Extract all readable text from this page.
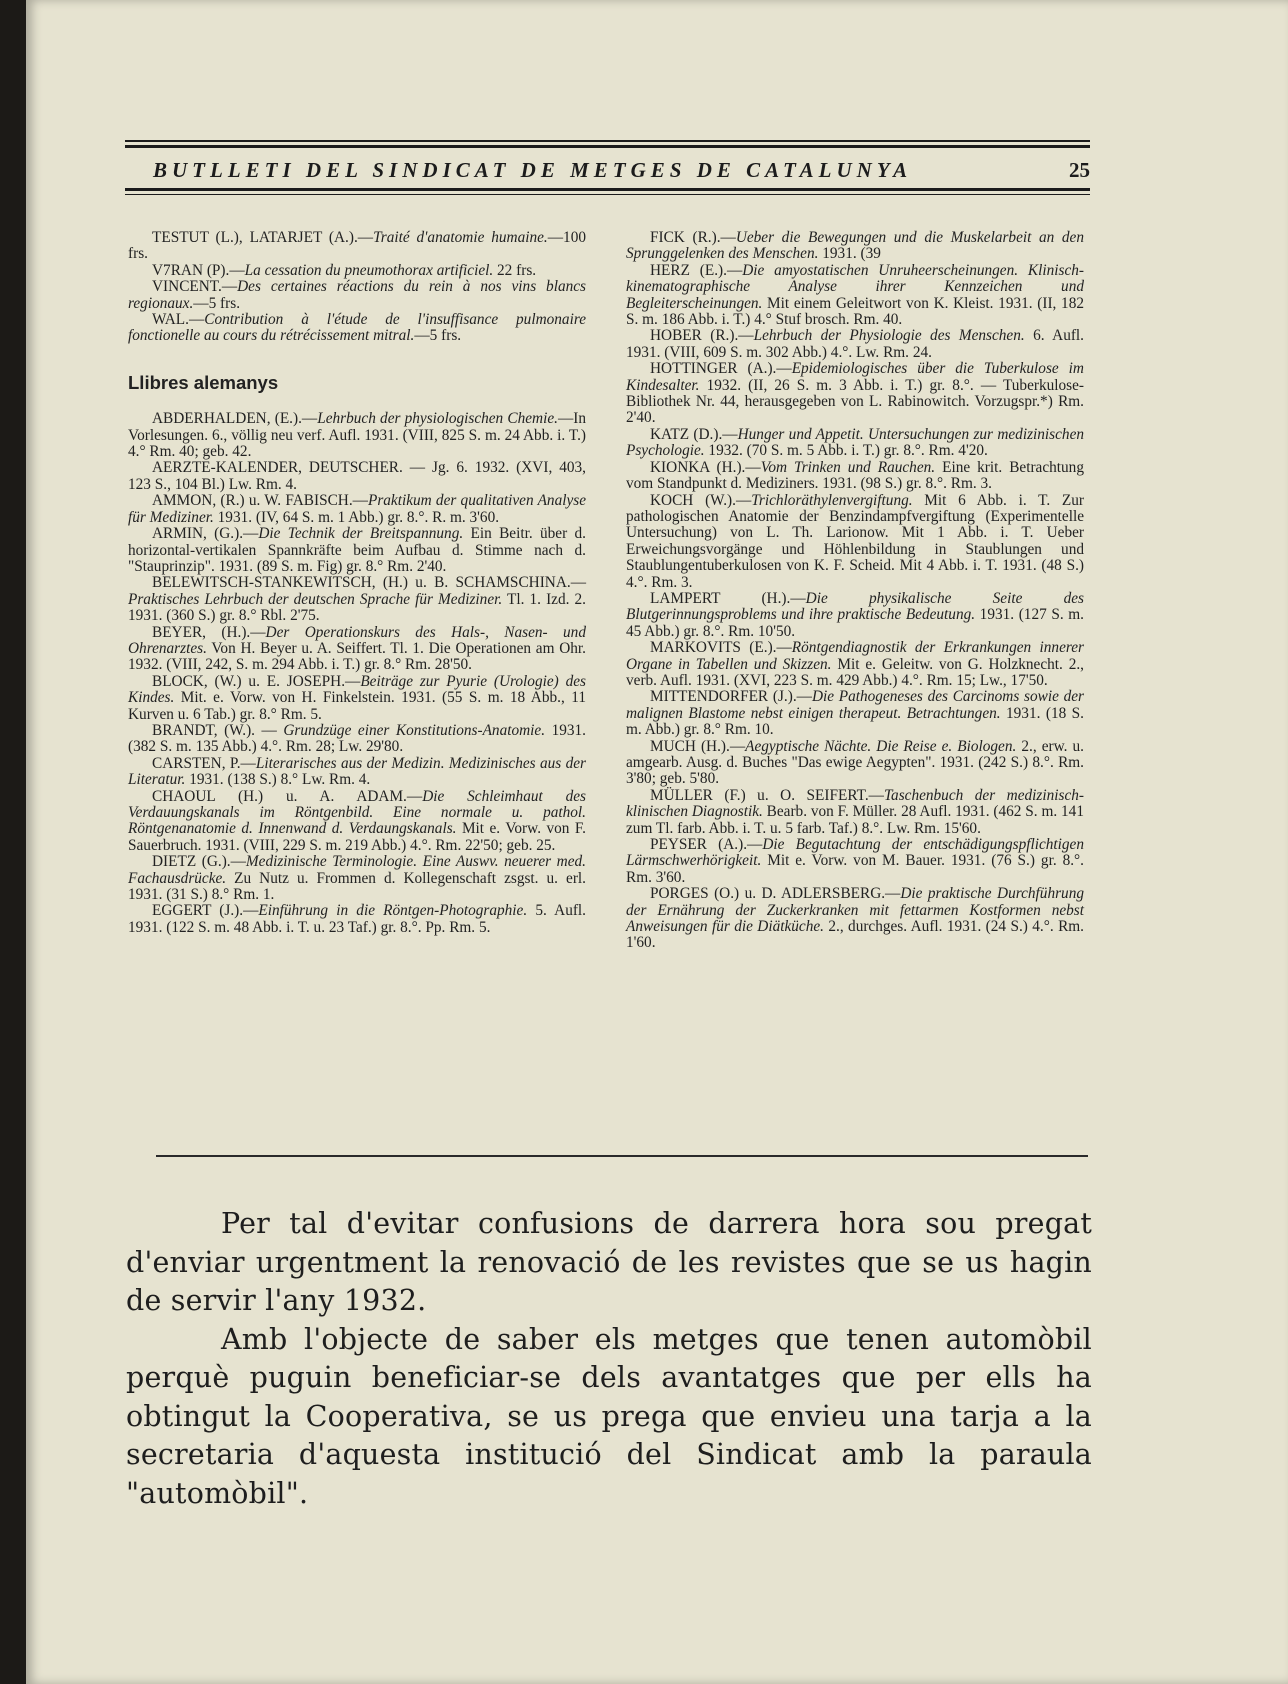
BUTLLETI DEL SINDICAT DE METGES DE CATALUNYA	25

TESTUT (L.), LATARJET (A.).—Traité d'anatomie humaine.—100 frs.

V7RAN (P).—La cessation du pneumothorax artificiel. 22 frs.

VINCENT.—Des certaines réactions du rein à nos vins blancs regionaux.—5 frs.

WAL.—Contribution à l'étude de l'insuffisance pulmonaire fonctionelle au cours du rétrécissement mitral.—5 frs.

Llibres alemanys

ABDERHALDEN, (E.).—Lehrbuch der physiologischen Chemie.—In Vorlesungen. 6., völlig neu verf. Aufl. 1931. (VIII, 825 S. m. 24 Abb. i. T.) 4.° Rm. 40; geb. 42.

AERZTE-KALENDER, DEUTSCHER. — Jg. 6. 1932. (XVI, 403, 123 S., 104 Bl.) Lw. Rm. 4.

AMMON, (R.) u. W. FABISCH.—Praktikum der qualitativen Analyse für Mediziner. 1931. (IV, 64 S. m. 1 Abb.) gr. 8.°. R. m. 3'60.

ARMIN, (G.).—Die Technik der Breitspannung. Ein Beitr. über d. horizontal-vertikalen Spannkräfte beim Aufbau d. Stimme nach d. "Stauprinzip". 1931. (89 S. m. Fig) gr. 8.° Rm. 2'40.

BELEWITSCH-STANKEWITSCH, (H.) u. B. SCHAMSCHINA.—Praktisches Lehrbuch der deutschen Sprache für Mediziner. Tl. 1. Izd. 2. 1931. (360 S.) gr. 8.° Rbl. 2'75.

BEYER, (H.).—Der Operationskurs des Hals-, Nasen- und Ohrenarztes. Von H. Beyer u. A. Seiffert. Tl. 1. Die Operationen am Ohr. 1932. (VIII, 242, S. m. 294 Abb. i. T.) gr. 8.° Rm. 28'50.

BLOCK, (W.) u. E. JOSEPH.—Beiträge zur Pyurie (Urologie) des Kindes. Mit. e. Vorw. von H. Finkelstein. 1931. (55 S. m. 18 Abb., 11 Kurven u. 6 Tab.) gr. 8.° Rm. 5.

BRANDT, (W.). — Grundzüge einer Konstitutions-Anatomie. 1931. (382 S. m. 135 Abb.) 4.°. Rm. 28; Lw. 29'80.

CARSTEN, P.—Literarisches aus der Medizin. Medizinisches aus der Literatur. 1931. (138 S.) 8.° Lw. Rm. 4.

CHAOUL (H.) u. A. ADAM.—Die Schleimhaut des Verdauungskanals im Röntgenbild. Eine normale u. pathol. Röntgenanatomie d. Innenwand d. Verdaungskanals. Mit e. Vorw. von F. Sauerbruch. 1931. (VIII, 229 S. m. 219 Abb.) 4.°. Rm. 22'50; geb. 25.

DIETZ (G.).—Medizinische Terminologie. Eine Auswv. neuerer med. Fachausdrücke. Zu Nutz u. Frommen d. Kollegenschaft zsgst. u. erl. 1931. (31 S.) 8.° Rm. 1.

EGGERT (J.).—Einführung in die Röntgen-Photographie. 5. Aufl. 1931. (122 S. m. 48 Abb. i. T. u. 23 Taf.) gr. 8.°. Pp. Rm. 5.

FICK (R.).—Ueber die Bewegungen und die Muskelarbeit an den Sprunggelenken des Menschen. 1931. (39

HERZ (E.).—Die amyostatischen Unruheerscheinungen. Klinisch-kinematographische Analyse ihrer Kennzeichen und Begleiterscheinungen. Mit einem Geleitwort von K. Kleist. 1931. (II, 182 S. m. 186 Abb. i. T.) 4.° Stuf brosch. Rm. 40.

HOBER (R.).—Lehrbuch der Physiologie des Menschen. 6. Aufl. 1931. (VIII, 609 S. m. 302 Abb.) 4.°. Lw. Rm. 24.

HOTTINGER (A.).—Epidemiologisches über die Tuberkulose im Kindesalter. 1932. (II, 26 S. m. 3 Abb. i. T.) gr. 8.°. — Tuberkulose-Bibliothek Nr. 44, herausgegeben von L. Rabinowitch. Vorzugspr.*) Rm. 2'40.

KATZ (D.).—Hunger und Appetit. Untersuchungen zur medizinischen Psychologie. 1932. (70 S. m. 5 Abb. i. T.) gr. 8.°. Rm. 4'20.

KIONKA (H.).—Vom Trinken und Rauchen. Eine krit. Betrachtung vom Standpunkt d. Mediziners. 1931. (98 S.) gr. 8.°. Rm. 3.

KOCH (W.).—Trichloräthylenvergiftung. Mit 6 Abb. i. T. Zur pathologischen Anatomie der Benzindampfvergiftung (Experimentelle Untersuchung) von L. Th. Larionow. Mit 1 Abb. i. T. Ueber Erweichungsvorgänge und Höhlenbildung in Staublungen und Staublungentuberkulosen von K. F. Scheid. Mit 4 Abb. i. T. 1931. (48 S.) 4.°. Rm. 3.

LAMPERT (H.).—Die physikalische Seite des Blutgerinnungsproblems und ihre praktische Bedeutung. 1931. (127 S. m. 45 Abb.) gr. 8.°. Rm. 10'50.

MARKOVITS (E.).—Röntgendiagnostik der Erkrankungen innerer Organe in Tabellen und Skizzen. Mit e. Geleitw. von G. Holzknecht. 2., verb. Aufl. 1931. (XVI, 223 S. m. 429 Abb.) 4.°. Rm. 15; Lw., 17'50.

MITTENDORFER (J.).—Die Pathogeneses des Carcinoms sowie der malignen Blastome nebst einigen therapeut. Betrachtungen. 1931. (18 S. m. Abb.) gr. 8.° Rm. 10.

MUCH (H.).—Aegyptische Nächte. Die Reise e. Biologen. 2., erw. u. amgearb. Ausg. d. Buches "Das ewige Aegypten". 1931. (242 S.) 8.°. Rm. 3'80; geb. 5'80.

MÜLLER (F.) u. O. SEIFERT.—Taschenbuch der medizinisch-klinischen Diagnostik. Bearb. von F. Müller. 28 Aufl. 1931. (462 S. m. 141 zum Tl. farb. Abb. i. T. u. 5 farb. Taf.) 8.°. Lw. Rm. 15'60.

PEYSER (A.).—Die Begutachtung der entschädigungspflichtigen Lärmschwerhörigkeit. Mit e. Vorw. von M. Bauer. 1931. (76 S.) gr. 8.°. Rm. 3'60.

PORGES (O.) u. D. ADLERSBERG.—Die praktische Durchführung der Ernährung der Zuckerkranken mit fettarmen Kostformen nebst Anweisungen für die Diätküche. 2., durchges. Aufl. 1931. (24 S.) 4.°. Rm. 1'60.

Per tal d'evitar confusions de darrera hora sou pregat d'enviar urgentment la renovació de les revistes que se us hagin de servir l'any 1932.

Amb l'objecte de saber els metges que tenen automòbil perquè puguin beneficiar-se dels avantatges que per ells ha obtingut la Cooperativa, se us prega que envieu una tarja a la secretaria d'aquesta institució del Sindicat amb la paraula "automòbil".
